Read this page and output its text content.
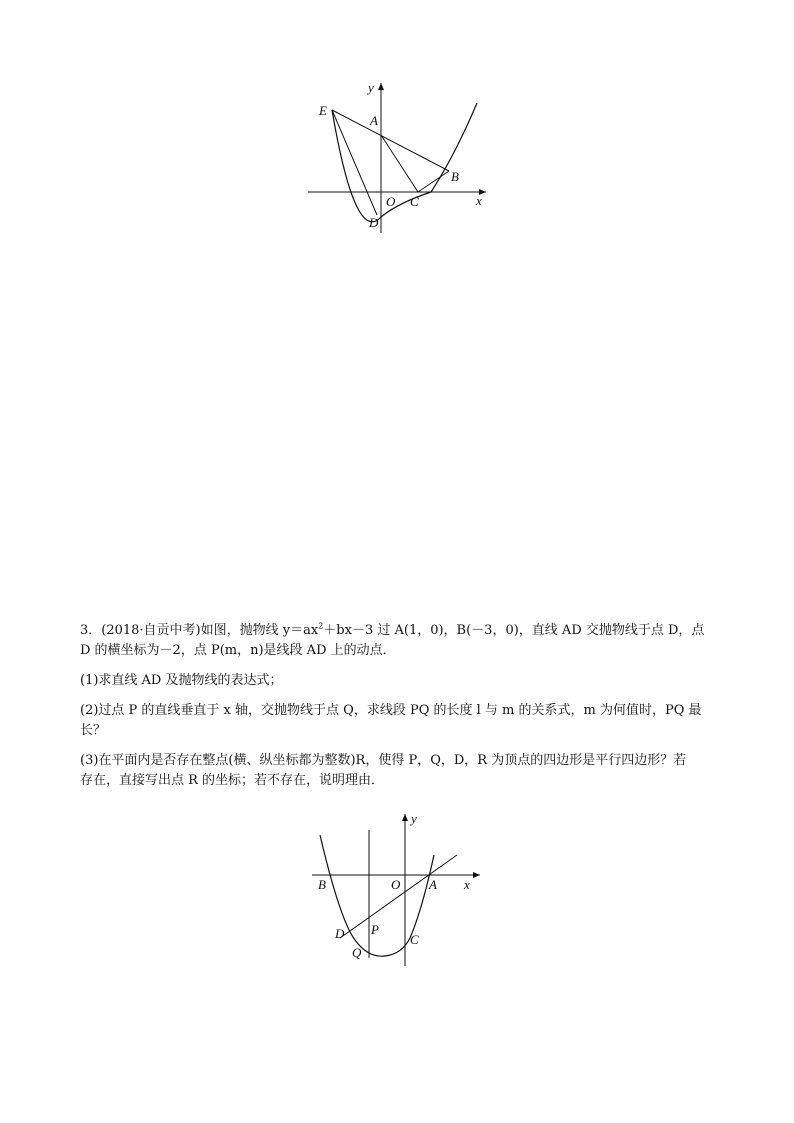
y
x
E
A
B
O C
D

3．(2018·自贡中考)如图，抛物线 $y=ax^2+bx-3$ 过 A(1，0)，B(－3，0)，直线 AD 交抛物线于点 D，点
D 的横坐标为－2，点 P(m，n)是线段 AD 上的动点．

(1)求直线 AD 及抛物线的表达式；

(2)过点 P 的直线垂直于 x 轴，交抛物线于点 Q，求线段 PQ 的长度 l 与 m 的关系式，m 为何值时，PQ 最长？

(3)在平面内是否存在整点(横、纵坐标都为整数)R，使得 P，Q，D，R 为顶点的四边形是平行四边形？若
存在，直接写出点 R 的坐标；若不存在，说明理由．

y
x
B	O A
D P
C
Q
